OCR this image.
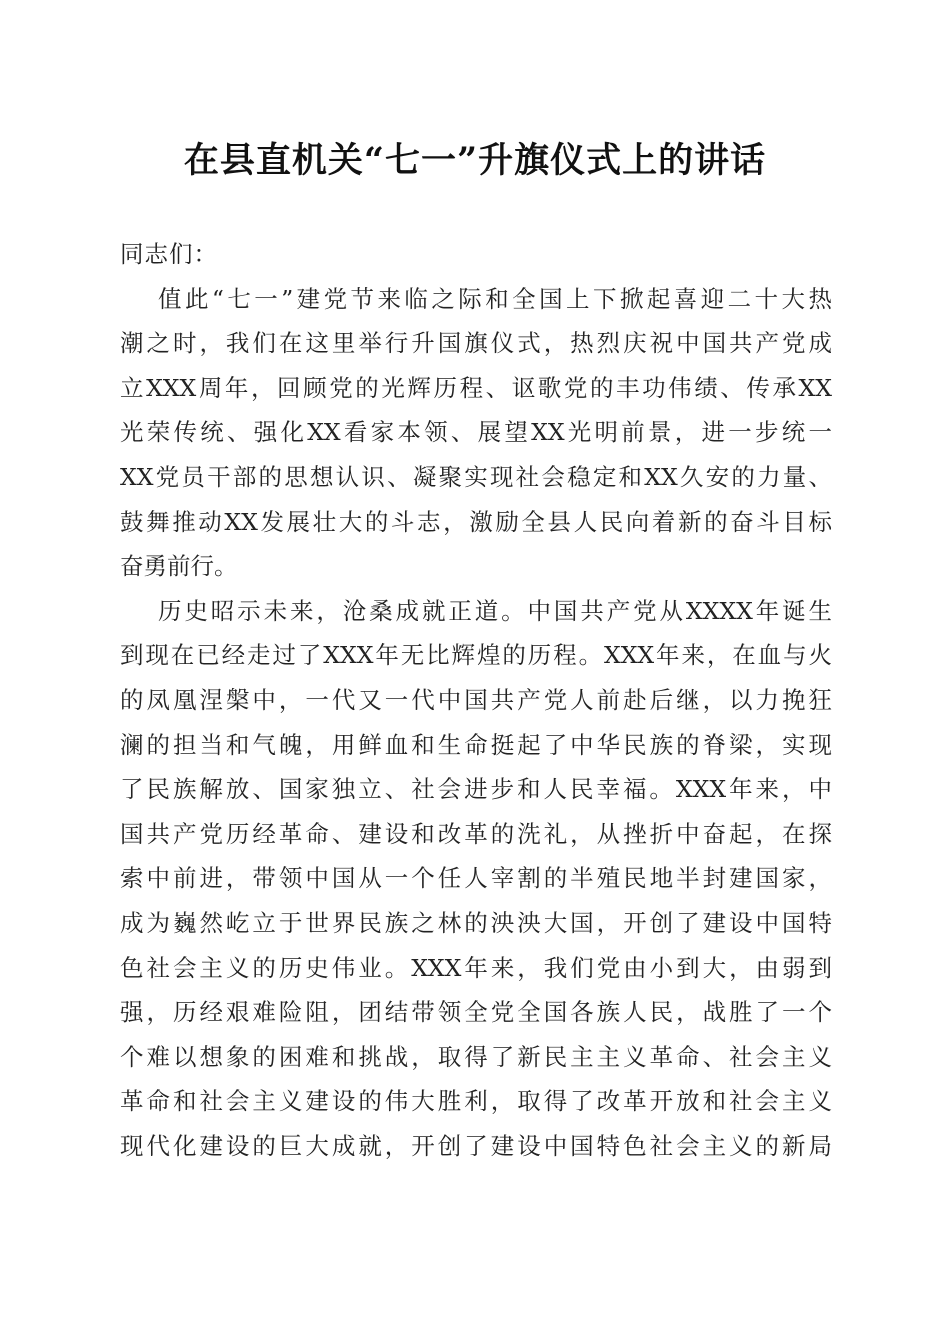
在县直机关“七一”升旗仪式上的讲话
同志们：
值此“七一”建党节来临之际和全国上下掀起喜迎二十大热
潮之时，我们在这里举行升国旗仪式，热烈庆祝中国共产党成
立XXX周年，回顾党的光辉历程、讴歌党的丰功伟绩、传承XX
光荣传统、强化XX看家本领、展望XX光明前景，进一步统一
XX党员干部的思想认识、凝聚实现社会稳定和XX久安的力量、
鼓舞推动XX发展壮大的斗志，激励全县人民向着新的奋斗目标
奋勇前行。
历史昭示未来，沧桑成就正道。中国共产党从XXXX年诞生
到现在已经走过了XXX年无比辉煌的历程。XXX年来，在血与火
的凤凰涅槃中，一代又一代中国共产党人前赴后继，以力挽狂
澜的担当和气魄，用鲜血和生命挺起了中华民族的脊梁，实现
了民族解放、国家独立、社会进步和人民幸福。XXX年来，中
国共产党历经革命、建设和改革的洗礼，从挫折中奋起，在探
索中前进，带领中国从一个任人宰割的半殖民地半封建国家，
成为巍然屹立于世界民族之林的泱泱大国，开创了建设中国特
色社会主义的历史伟业。XXX年来，我们党由小到大，由弱到
强，历经艰难险阻，团结带领全党全国各族人民，战胜了一个
个难以想象的困难和挑战，取得了新民主主义革命、社会主义
革命和社会主义建设的伟大胜利，取得了改革开放和社会主义
现代化建设的巨大成就，开创了建设中国特色社会主义的新局
